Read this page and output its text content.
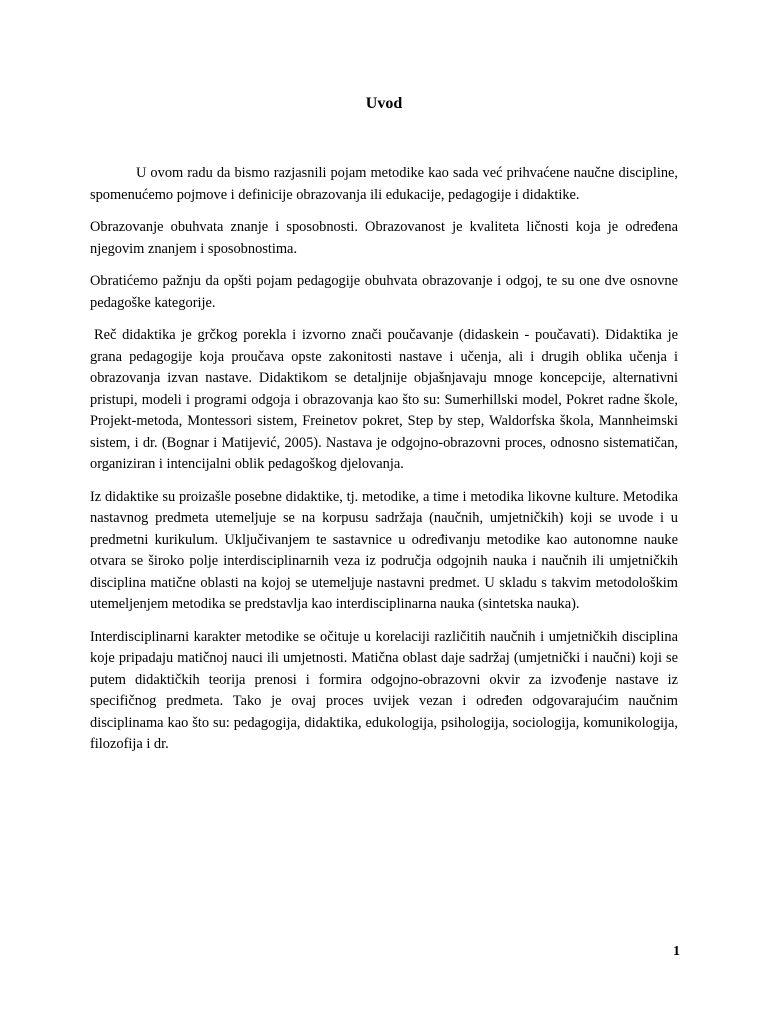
Uvod

U ovom radu da bismo razjasnili pojam metodike kao sada već prihvaćene naučne discipline, spomenućemo pojmove i definicije obrazovanja ili edukacije, pedagogije i didaktike.

Obrazovanje obuhvata znanje i sposobnosti. Obrazovanost je kvaliteta ličnosti koja je određena njegovim znanjem i sposobnostima.

Obratićemo pažnju da opšti pojam pedagogije obuhvata obrazovanje i odgoj, te su one dve osnovne pedagoške kategorije.

Reč didaktika je grčkog porekla i izvorno znači poučavanje (didaskein - poučavati). Didaktika je grana pedagogije koja proučava opste zakonitosti nastave i učenja, ali i drugih oblika učenja i obrazovanja izvan nastave. Didaktikom se detaljnije objašnjavaju mnoge koncepcije, alternativni pristupi, modeli i programi odgoja i obrazovanja kao što su: Sumerhillski model, Pokret radne škole, Projekt-metoda, Montessori sistem, Freinetov pokret, Step by step, Waldorfska škola, Mannheimski sistem, i dr. (Bognar i Matijević, 2005). Nastava je odgojno-obrazovni proces, odnosno sistematičan, organiziran i intencijalni oblik pedagoškog djelovanja.

Iz didaktike su proizašle posebne didaktike, tj. metodike, a time i metodika likovne kulture. Metodika nastavnog predmeta utemeljuje se na korpusu sadržaja (naučnih, umjetničkih) koji se uvode i u predmetni kurikulum. Uključivanjem te sastavnice u određivanju metodike kao autonomne nauke otvara se široko polje interdisciplinarnih veza iz područja odgojnih nauka i naučnih ili umjetničkih disciplina matične oblasti na kojoj se utemeljuje nastavni predmet. U skladu s takvim metodološkim utemeljenjem metodika se predstavlja kao interdisciplinarna nauka (sintetska nauka).

Interdisciplinarni karakter metodike se očituje u korelaciji različitih naučnih i umjetničkih disciplina koje pripadaju matičnoj nauci ili umjetnosti. Matična oblast daje sadržaj (umjetnički i naučni) koji se putem didaktičkih teorija prenosi i formira odgojno-obrazovni okvir za izvođenje nastave iz specifičnog predmeta. Tako je ovaj proces uvijek vezan i određen odgovarajućim naučnim disciplinama kao što su: pedagogija, didaktika, edukologija, psihologija, sociologija, komunikologija, filozofija i dr.

1
